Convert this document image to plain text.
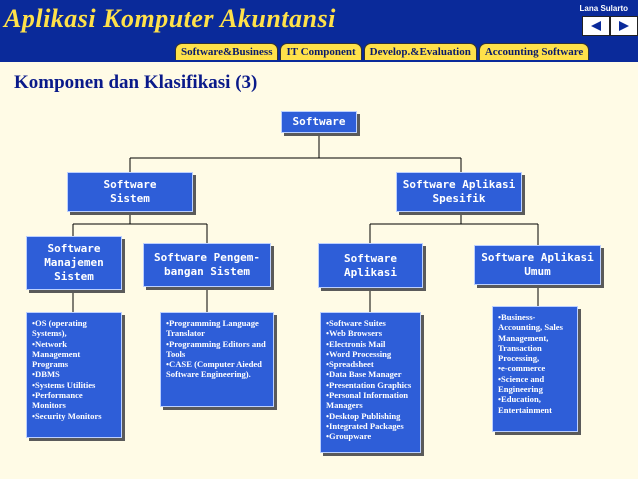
Aplikasi Komputer Akuntansi	Lana Sularto
Software&Business	IT Component	Develop.&Evaluation	Accounting Software
Komponen dan Klasifikasi (3)
Software
Software
Sistem
Software Aplikasi
Spesifik
Software
Manajemen
Sistem
Software Pengem-
bangan Sistem
Software
Aplikasi
Software Aplikasi
Umum
•OS (operating Systems),
•Network Management Programs
•DBMS
•Systems Utilities
•Performance Monitors
•Security Monitors
•Programming Language Translator
•Programming Editors and Tools
•CASE (Computer Aieded Software Engineering).
•Software Suites
•Web Browsers
•Electronis Mail
•Word Processing
•Spreadsheet
•Data Base Manager
•Presentation Graphics
•Personal Information Managers
•Desktop Publishing
•Integrated Packages
•Groupware
•Business-Accounting, Sales Management, Transaction Processing,
•e-commerce
•Science and Engineering
•Education, Entertainment
